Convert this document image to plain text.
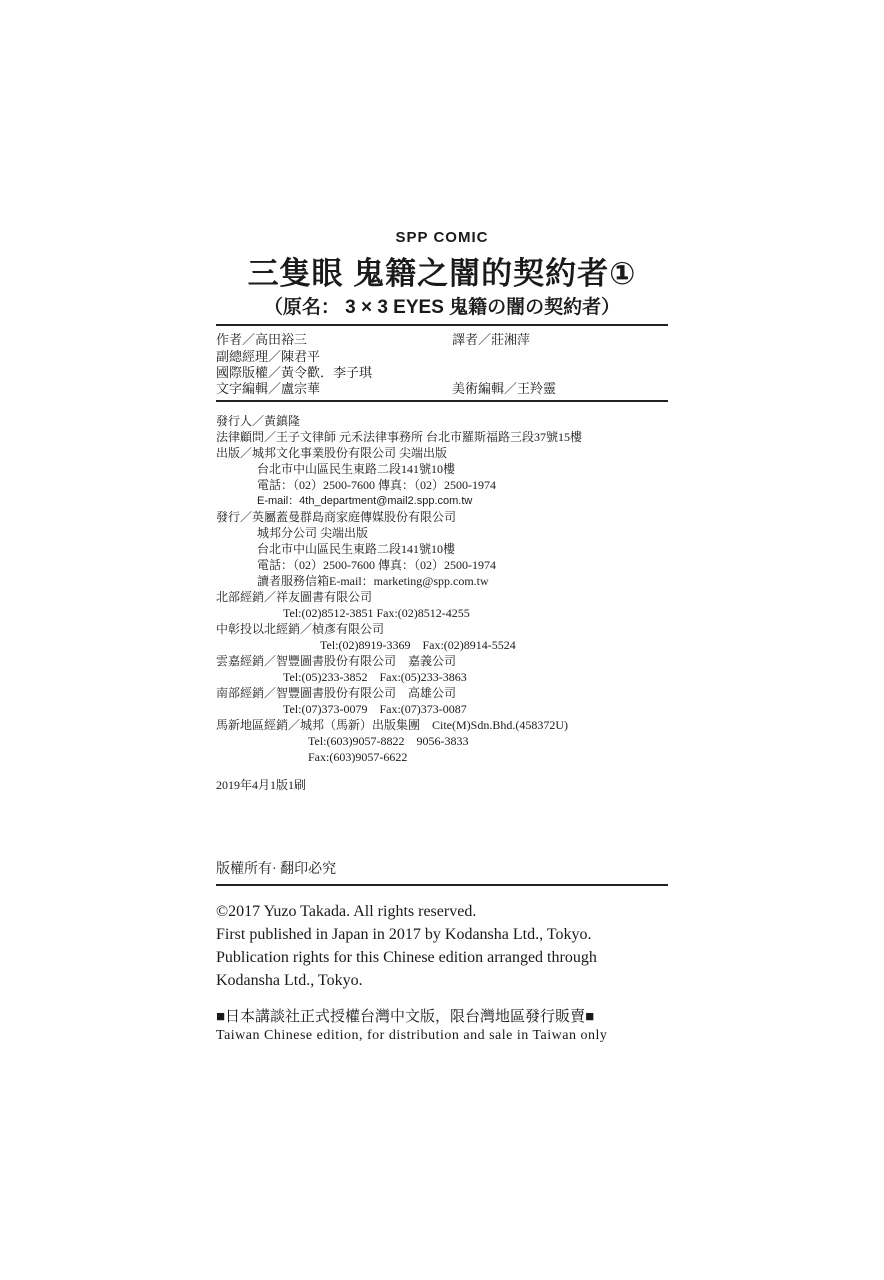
SPP COMIC
三隻眼 鬼籍之闇的契約者①
（原名： 3 × 3 EYES 鬼籍の闇の契約者）
作者／高田裕三	譯者／莊湘萍
副總經理／陳君平
國際版權／黃令歡．李子琪
文字編輯／盧宗華	美術編輯／王羚靈
發行人／黃鎮隆
法律顧問／王子文律師 元禾法律事務所 台北市羅斯福路三段37號15樓
出版／城邦文化事業股份有限公司 尖端出版
台北市中山區民生東路二段141號10樓
電話：（02）2500-7600 傳真：（02）2500-1974
E-mail：4th_department@mail2.spp.com.tw
發行／英屬蓋曼群島商家庭傳媒股份有限公司
城邦分公司 尖端出版
台北市中山區民生東路二段141號10樓
電話：（02）2500-7600 傳真：（02）2500-1974
讀者服務信箱E-mail：marketing@spp.com.tw
北部經銷／祥友圖書有限公司
Tel:(02)8512-3851 Fax:(02)8512-4255
中彰投以北經銷／楨彥有限公司
Tel:(02)8919-3369　Fax:(02)8914-5524
雲嘉經銷／智豐圖書股份有限公司　嘉義公司
Tel:(05)233-3852　Fax:(05)233-3863
南部經銷／智豐圖書股份有限公司　高雄公司
Tel:(07)373-0079　Fax:(07)373-0087
馬新地區經銷／城邦（馬新）出版集團　Cite(M)Sdn.Bhd.(458372U)
Tel:(603)9057-8822　9056-3833
Fax:(603)9057-6622
2019年4月1版1刷
版權所有· 翻印必究
©2017 Yuzo Takada. All rights reserved.
First published in Japan in 2017 by Kodansha Ltd., Tokyo.
Publication rights for this Chinese edition arranged through
Kodansha Ltd., Tokyo.
■日本講談社正式授權台灣中文版，限台灣地區發行販賣■
Taiwan Chinese edition, for distribution and sale in Taiwan only
